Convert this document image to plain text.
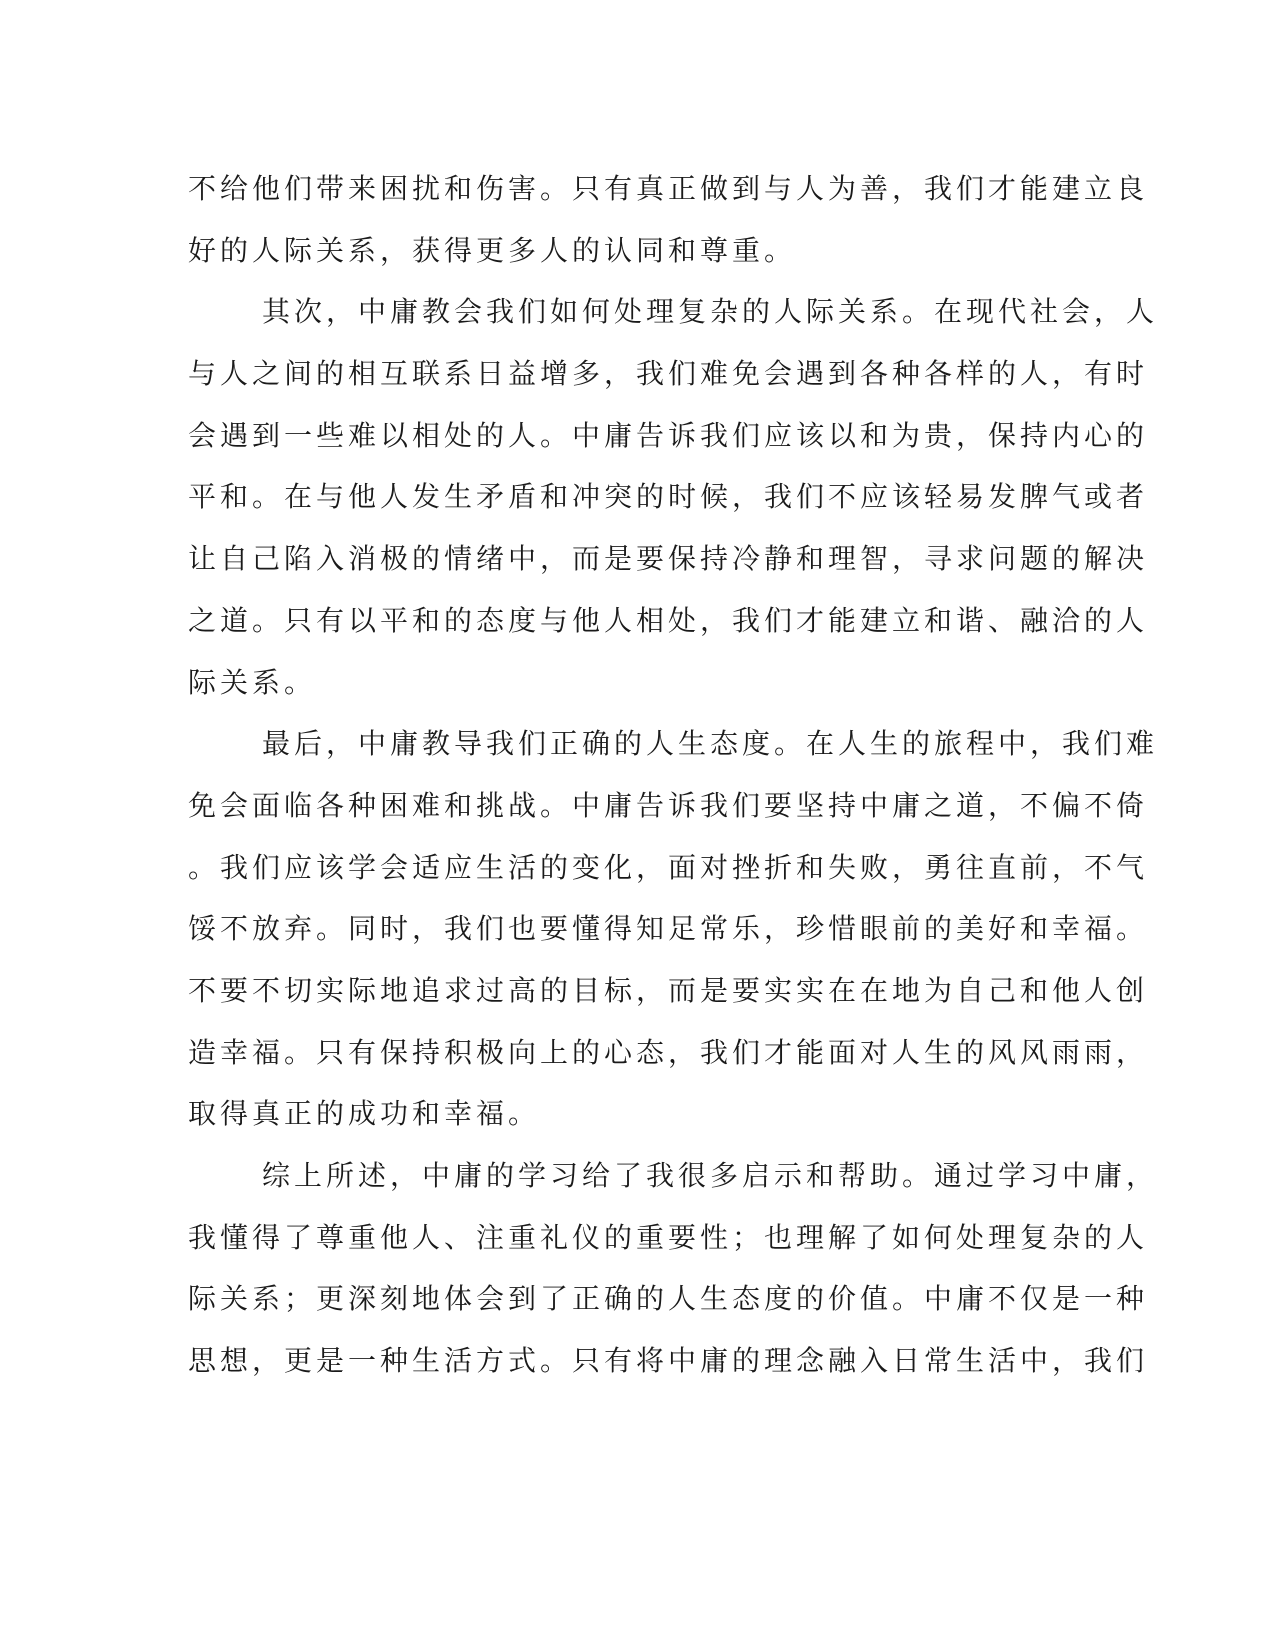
不给他们带来困扰和伤害。只有真正做到与人为善，我们才能建立良
好的人际关系，获得更多人的认同和尊重。
其次，中庸教会我们如何处理复杂的人际关系。在现代社会，人
与人之间的相互联系日益增多，我们难免会遇到各种各样的人，有时
会遇到一些难以相处的人。中庸告诉我们应该以和为贵，保持内心的
平和。在与他人发生矛盾和冲突的时候，我们不应该轻易发脾气或者
让自己陷入消极的情绪中，而是要保持冷静和理智，寻求问题的解决
之道。只有以平和的态度与他人相处，我们才能建立和谐、融洽的人
际关系。
最后，中庸教导我们正确的人生态度。在人生的旅程中，我们难
免会面临各种困难和挑战。中庸告诉我们要坚持中庸之道，不偏不倚
。我们应该学会适应生活的变化，面对挫折和失败，勇往直前，不气
馁不放弃。同时，我们也要懂得知足常乐，珍惜眼前的美好和幸福。
不要不切实际地追求过高的目标，而是要实实在在地为自己和他人创
造幸福。只有保持积极向上的心态，我们才能面对人生的风风雨雨，
取得真正的成功和幸福。
综上所述，中庸的学习给了我很多启示和帮助。通过学习中庸，
我懂得了尊重他人、注重礼仪的重要性；也理解了如何处理复杂的人
际关系；更深刻地体会到了正确的人生态度的价值。中庸不仅是一种
思想，更是一种生活方式。只有将中庸的理念融入日常生活中，我们
